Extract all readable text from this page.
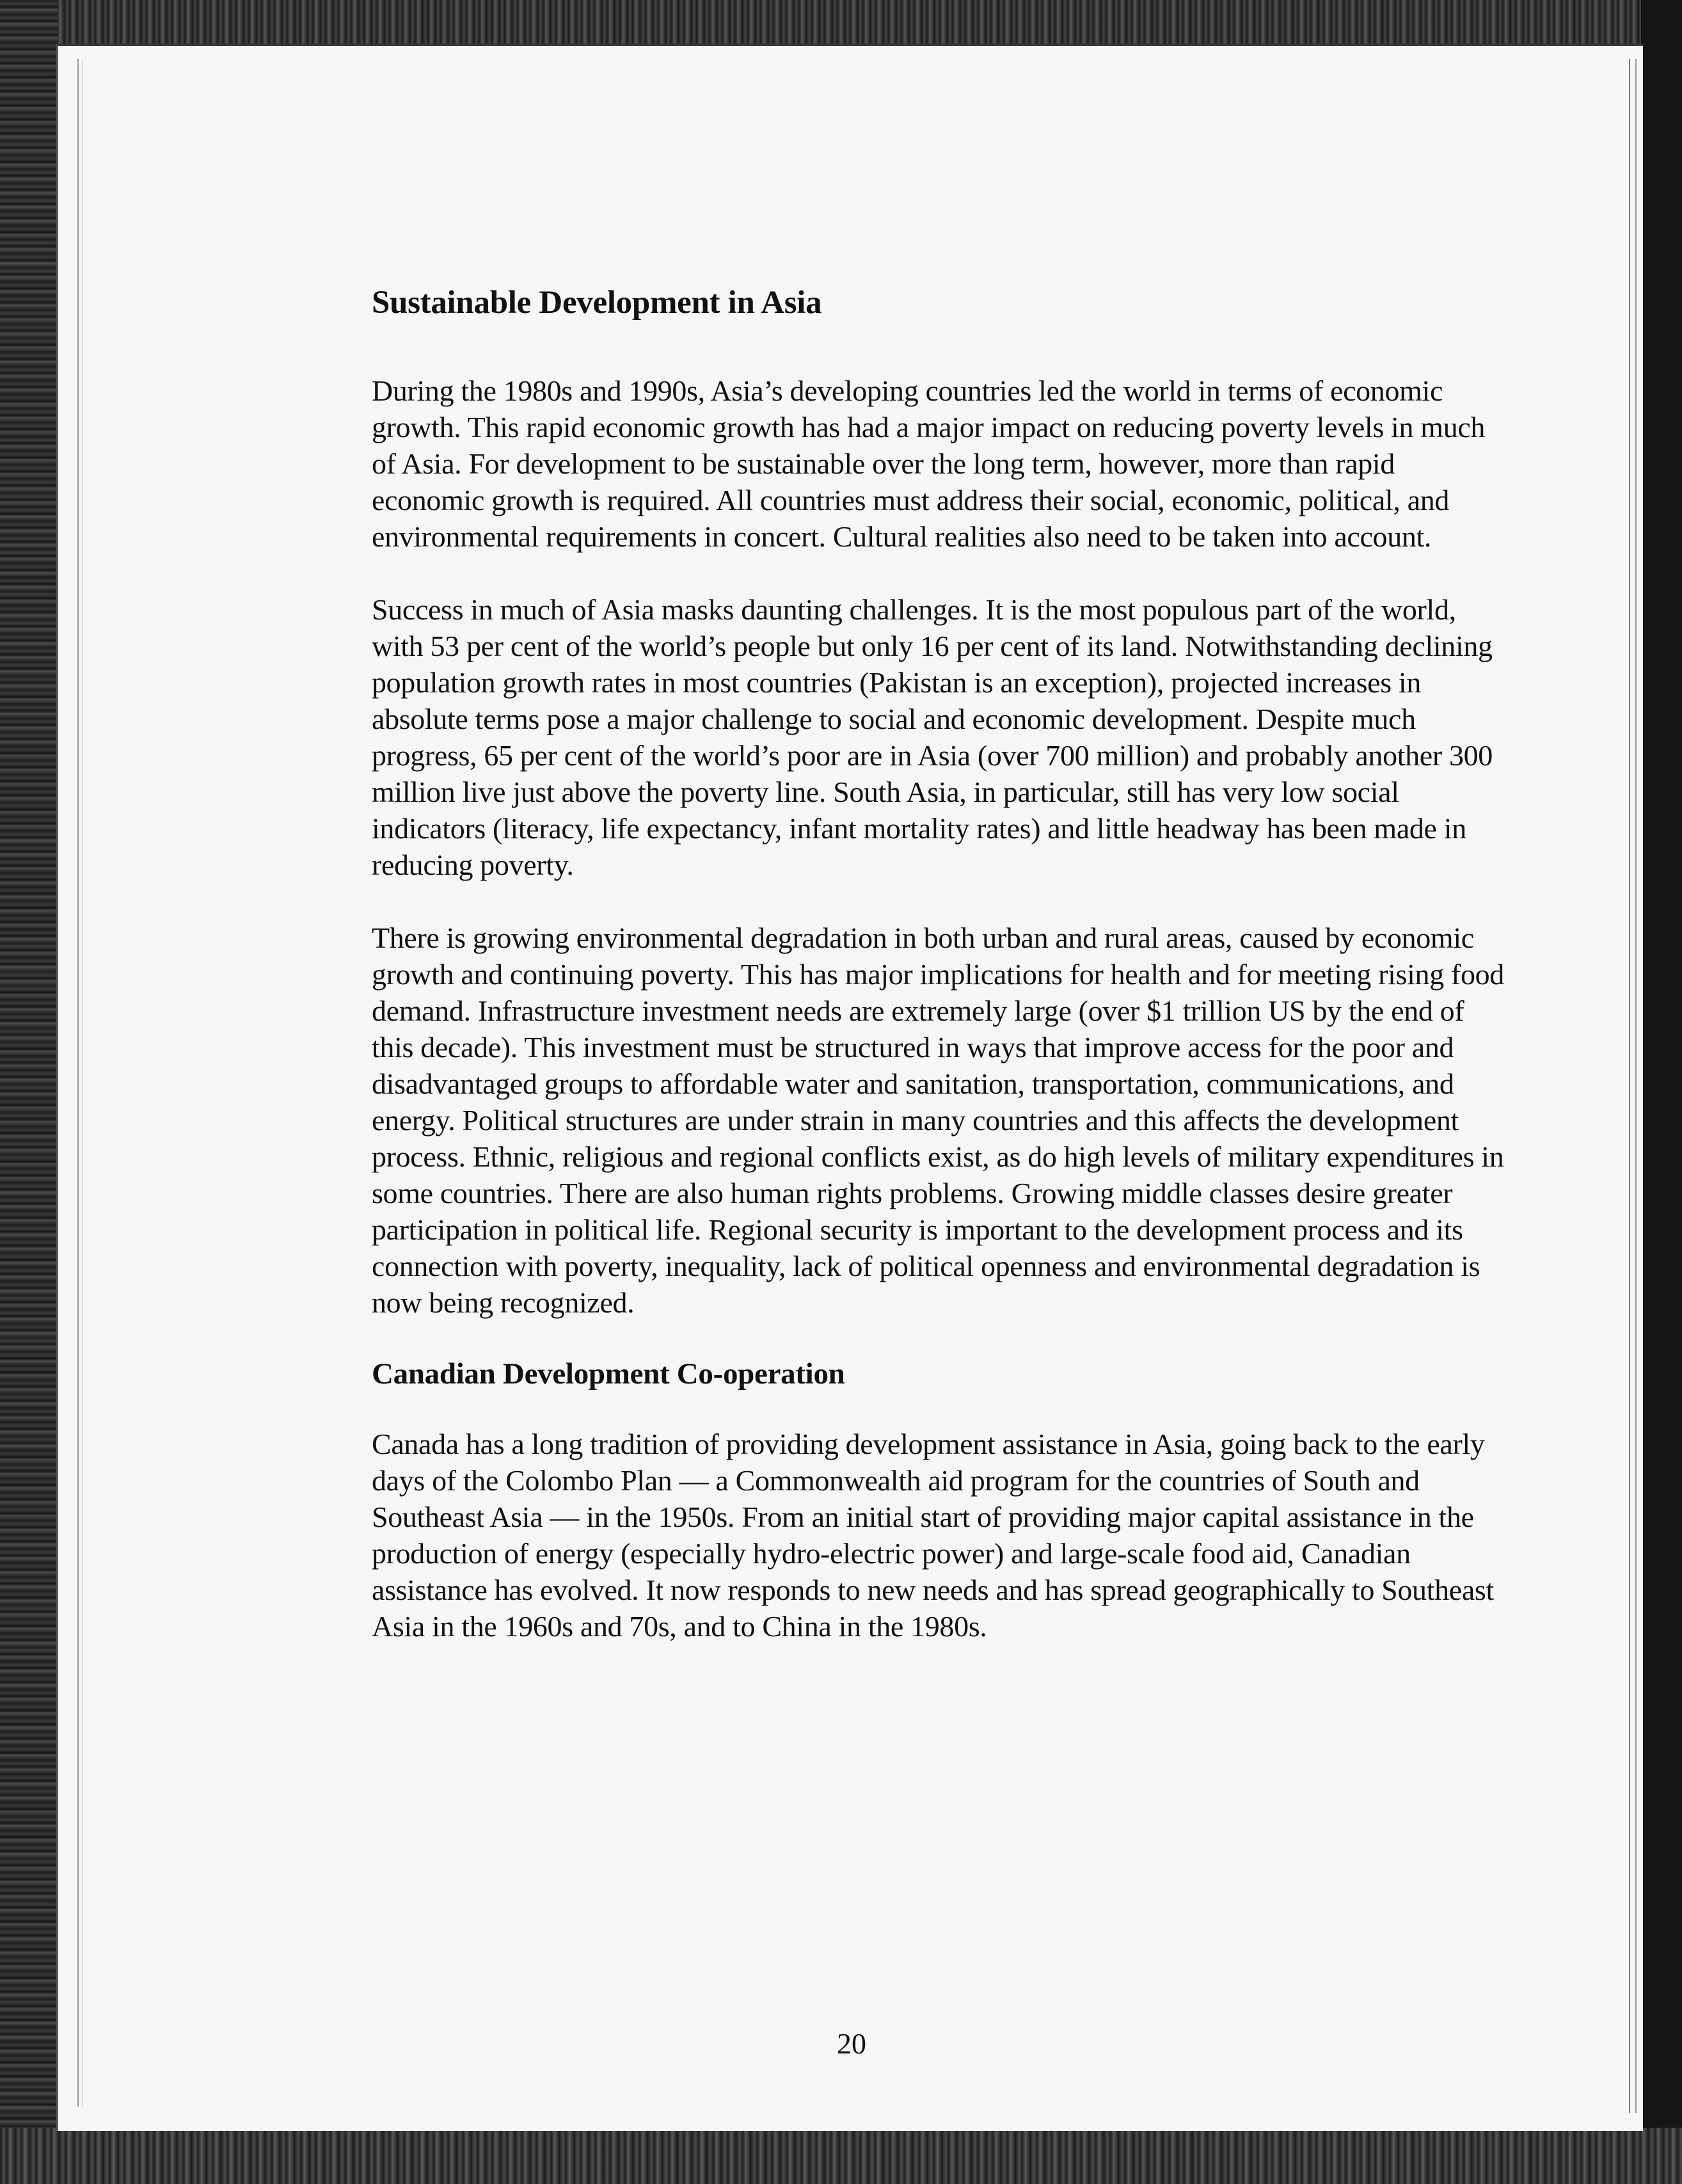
Sustainable Development in Asia

During the 1980s and 1990s, Asia’s developing countries led the world in terms of economic growth. This rapid economic growth has had a major impact on reducing poverty levels in much of Asia. For development to be sustainable over the long term, however, more than rapid economic growth is required. All countries must address their social, economic, political, and environmental requirements in concert. Cultural realities also need to be taken into account.

Success in much of Asia masks daunting challenges. It is the most populous part of the world, with 53 per cent of the world’s people but only 16 per cent of its land. Notwithstanding declining population growth rates in most countries (Pakistan is an exception), projected increases in absolute terms pose a major challenge to social and economic development. Despite much progress, 65 per cent of the world’s poor are in Asia (over 700 million) and probably another 300 million live just above the poverty line. South Asia, in particular, still has very low social indicators (literacy, life expectancy, infant mortality rates) and little headway has been made in reducing poverty.

There is growing environmental degradation in both urban and rural areas, caused by economic growth and continuing poverty. This has major implications for health and for meeting rising food demand. Infrastructure investment needs are extremely large (over $1 trillion US by the end of this decade). This investment must be structured in ways that improve access for the poor and disadvantaged groups to affordable water and sanitation, transportation, communications, and energy. Political structures are under strain in many countries and this affects the development process. Ethnic, religious and regional conflicts exist, as do high levels of military expenditures in some countries. There are also human rights problems. Growing middle classes desire greater participation in political life. Regional security is important to the development process and its connection with poverty, inequality, lack of political openness and environmental degradation is now being recognized.

Canadian Development Co-operation

Canada has a long tradition of providing development assistance in Asia, going back to the early days of the Colombo Plan — a Commonwealth aid program for the countries of South and Southeast Asia — in the 1950s. From an initial start of providing major capital assistance in the production of energy (especially hydro-electric power) and large-scale food aid, Canadian assistance has evolved. It now responds to new needs and has spread geographically to Southeast Asia in the 1960s and 70s, and to China in the 1980s.

20
